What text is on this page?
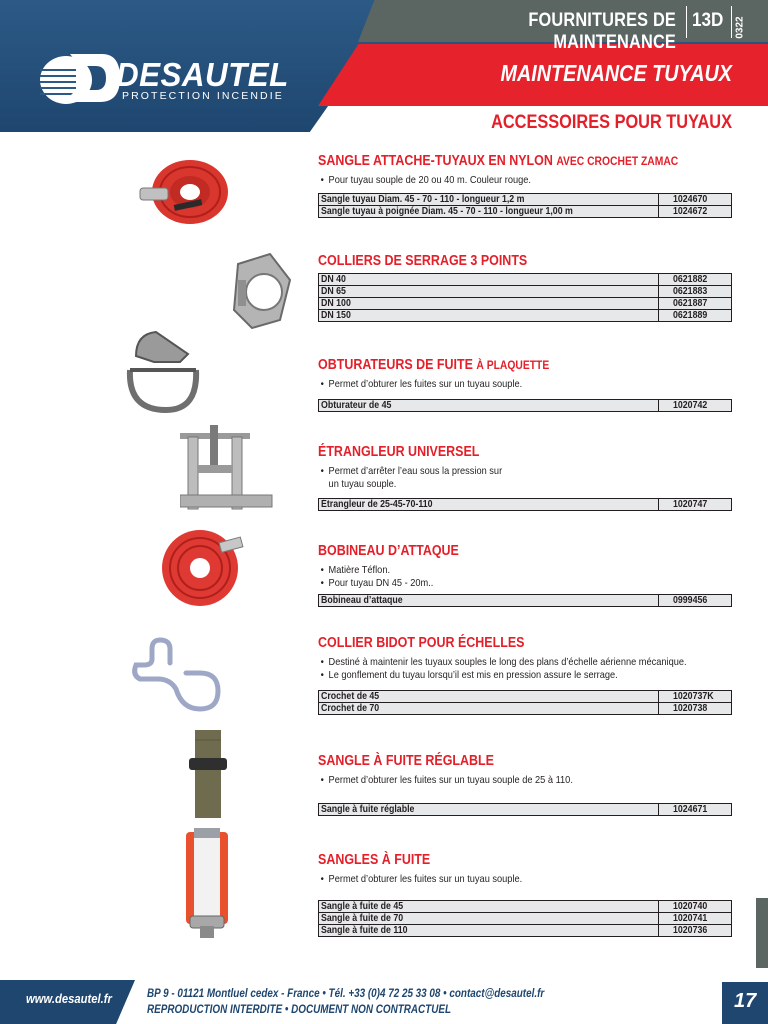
FOURNITURES DE MAINTENANCE
13D 0322
MAINTENANCE TUYAUX
ACCESSOIRES POUR TUYAUX
DESAUTEL
PROTECTION INCENDIE
SANGLE ATTACHE-TUYAUX EN NYLON AVEC CROCHET ZAMAC
• Pour tuyau souple de 20 ou 40 m. Couleur rouge.
Sangle tuyau Diam. 45 - 70 - 110 - longueur 1,2 m	1024670
Sangle tuyau à poignée Diam. 45 - 70 - 110 - longueur 1,00 m	1024672
COLLIERS DE SERRAGE 3 POINTS
DN 40	0621882
DN 65	0621883
DN 100	0621887
DN 150	0621889
OBTURATEURS DE FUITE À PLAQUETTE
• Permet d’obturer les fuites sur un tuyau souple.
Obturateur de 45	1020742
ÉTRANGLEUR UNIVERSEL
• Permet d’arrêter l’eau sous la pression sur
un tuyau souple.
Étrangleur de 25-45-70-110	1020747
BOBINEAU D’ATTAQUE
• Matière Téflon.
• Pour tuyau DN 45 - 20m..
Bobineau d’attaque	0999456
COLLIER BIDOT POUR ÉCHELLES
• Destiné à maintenir les tuyaux souples le long des plans d’échelle aérienne mécanique.
• Le gonflement du tuyau lorsqu’il est mis en pression assure le serrage.
Crochet de 45	1020737K
Crochet de 70	1020738
SANGLE À FUITE RÉGLABLE
• Permet d’obturer les fuites sur un tuyau souple de 25 à 110.
Sangle à fuite réglable	1024671
SANGLES À FUITE
• Permet d’obturer les fuites sur un tuyau souple.
Sangle à fuite de 45	1020740
Sangle à fuite de 70	1020741
Sangle à fuite de 110	1020736
www.desautel.fr	BP 9 - 01121 Montluel cedex - France • Tél. +33 (0)4 72 25 33 08 • contact@desautel.fr
REPRODUCTION INTERDITE • DOCUMENT NON CONTRACTUEL	17
